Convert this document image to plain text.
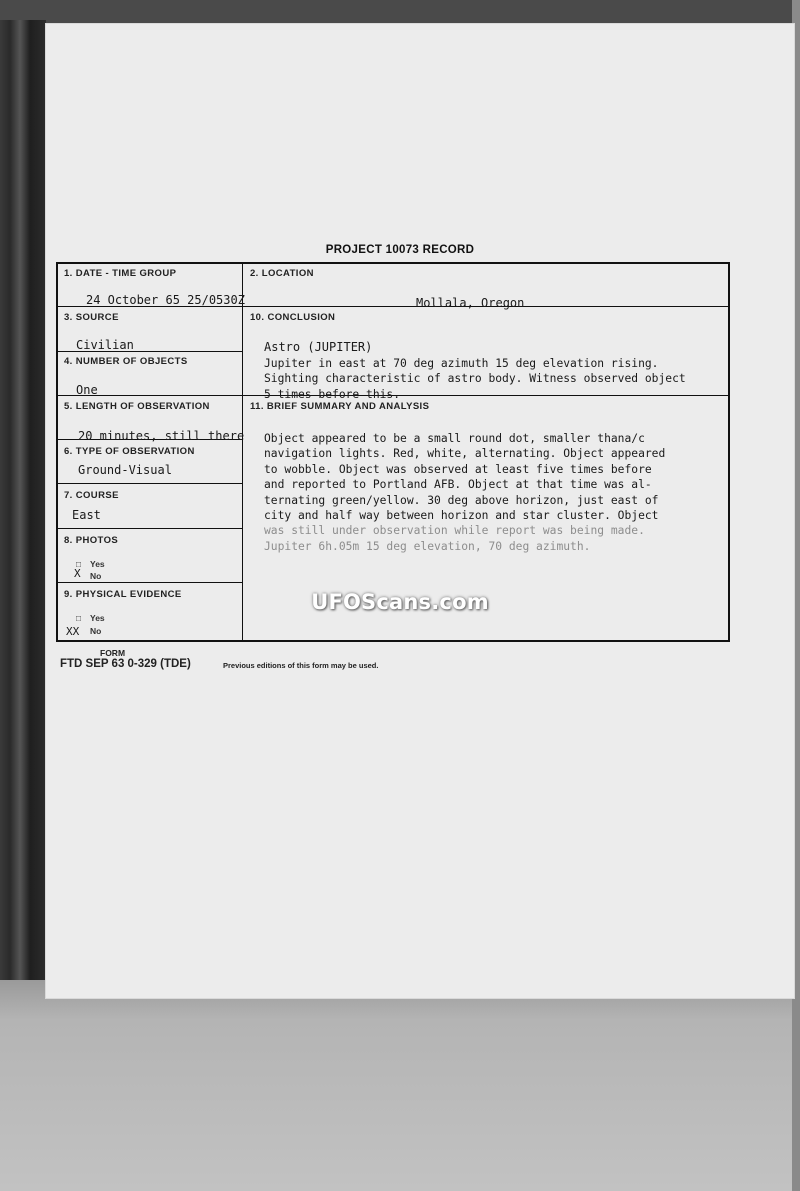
PROJECT 10073 RECORD
1. DATE - TIME GROUP
24 October 65 25/0530Z
2. LOCATION
Mollala, Oregon
3. SOURCE
Civilian
4. NUMBER OF OBJECTS
One
10. CONCLUSION
Astro (JUPITER)
Jupiter in east at 70 deg azimuth 15 deg elevation rising.
Sighting characteristic of astro body. Witness observed object
5 times before this.
5. LENGTH OF OBSERVATION
20 minutes, still there
11. BRIEF SUMMARY AND ANALYSIS
Object appeared to be a small round dot, smaller thana/c
navigation lights. Red, white, alternating. Object appeared
to wobble. Object was observed at least five times before
and reported to Portland AFB. Object at that time was al-
ternating green/yellow. 30 deg above horizon, just east of
city and half way between horizon and star cluster. Object
was still under observation while report was being made.
Jupiter 6h.05m 15 deg elevation, 70 deg azimuth.
6. TYPE OF OBSERVATION
Ground-Visual
7. COURSE
East
8. PHOTOS
□ Yes
X No
9. PHYSICAL EVIDENCE
□ Yes
XX No
UFOScans.com
FORM
FTD SEP 63 0-329 (TDE)	Previous editions of this form may be used.
